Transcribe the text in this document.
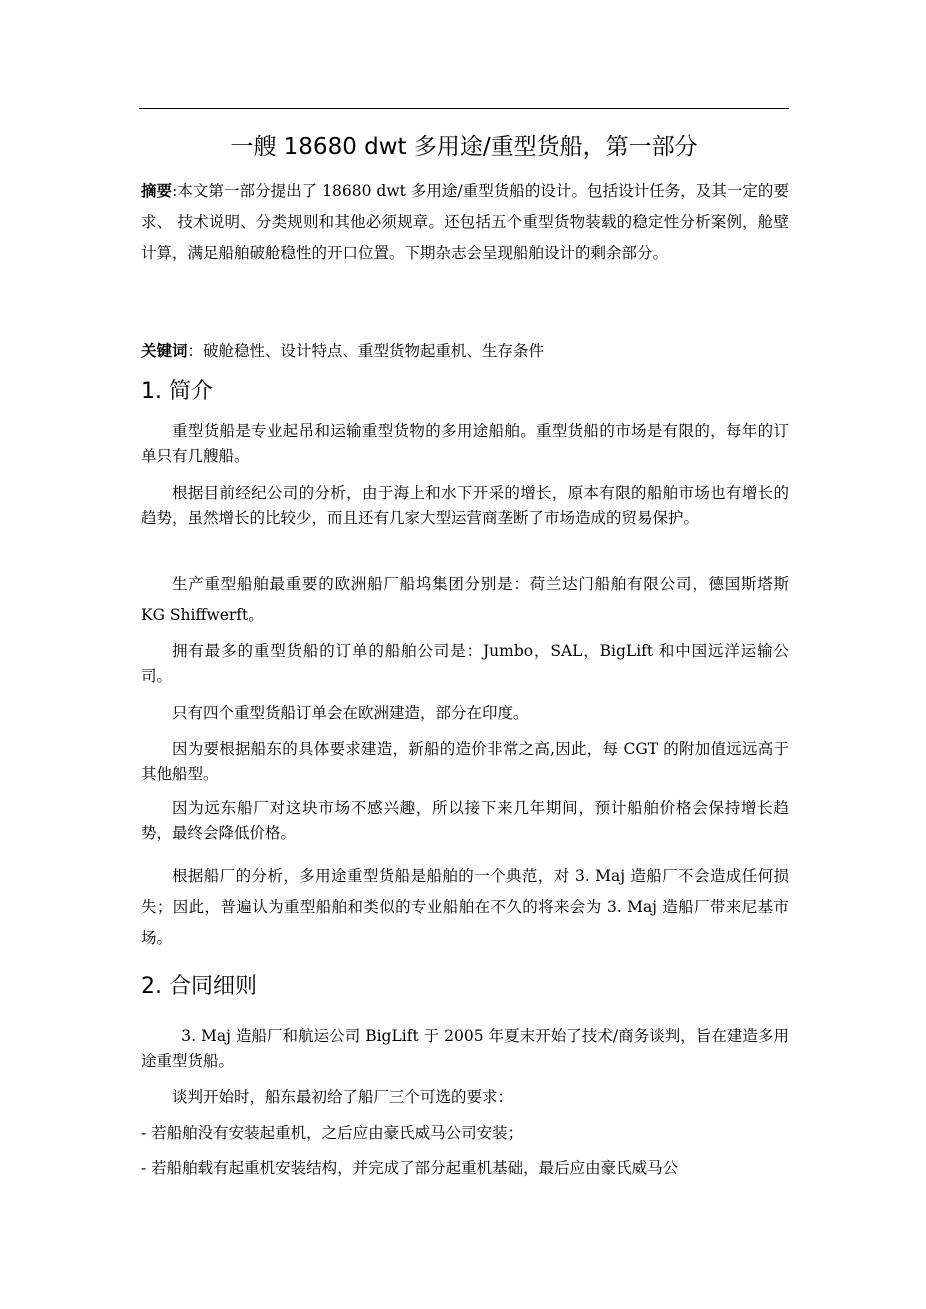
一艘 18680 dwt 多用途/重型货船，第一部分
摘要:本文第一部分提出了 18680 dwt 多用途/重型货船的设计。包括设计任务，及其一定的要求、 技术说明、分类规则和其他必须规章。还包括五个重型货物装载的稳定性分析案例，舱壁计算，满足船舶破舱稳性的开口位置。下期杂志会呈现船舶设计的剩余部分。
关键词：破舱稳性、设计特点、重型货物起重机、生存条件
1. 简介
重型货船是专业起吊和运输重型货物的多用途船舶。重型货船的市场是有限的，每年的订单只有几艘船。
根据目前经纪公司的分析，由于海上和水下开采的增长，原本有限的船舶市场也有增长的趋势，虽然增长的比较少，而且还有几家大型运营商垄断了市场造成的贸易保护。
生产重型船舶最重要的欧洲船厂船坞集团分别是：荷兰达门船舶有限公司，德国斯塔斯 KG Shiffwerft。
拥有最多的重型货船的订单的船舶公司是：Jumbo，SAL，BigLift 和中国远洋运输公司。
只有四个重型货船订单会在欧洲建造，部分在印度。
因为要根据船东的具体要求建造，新船的造价非常之高,因此，每 CGT 的附加值远远高于其他船型。
因为远东船厂对这块市场不感兴趣，所以接下来几年期间，预计船舶价格会保持增长趋势，最终会降低价格。
根据船厂的分析，多用途重型货船是船舶的一个典范，对 3. Maj 造船厂不会造成任何损失；因此，普遍认为重型船舶和类似的专业船舶在不久的将来会为 3. Maj 造船厂带来尼基市场。
2. 合同细则
3. Maj 造船厂和航运公司 BigLift 于 2005 年夏末开始了技术/商务谈判，旨在建造多用途重型货船。
谈判开始时，船东最初给了船厂三个可选的要求：
- 若船舶没有安装起重机，之后应由豪氏威马公司安装；
- 若船舶载有起重机安装结构，并完成了部分起重机基础，最后应由豪氏威马公
